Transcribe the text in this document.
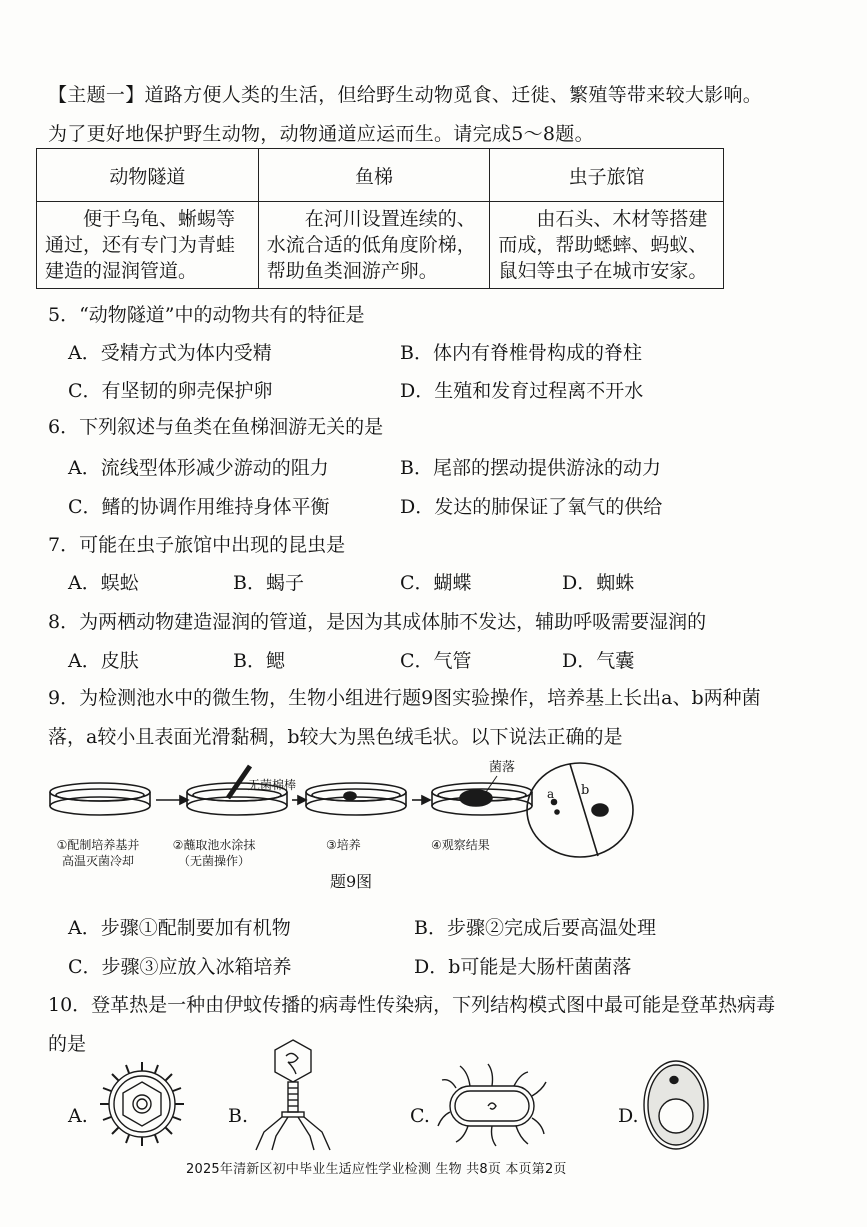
【主题一】道路方便人类的生活，但给野生动物觅食、迁徙、繁殖等带来较大影响。
为了更好地保护野生动物，动物通道应运而生。请完成5～8题。
动物隧道	鱼梯	虫子旅馆
便于乌龟、蜥蜴等通过，还有专门为青蛙建造的湿润管道。	在河川设置连续的、水流合适的低角度阶梯，帮助鱼类洄游产卵。	由石头、木材等搭建而成，帮助蟋蟀、蚂蚁、鼠妇等虫子在城市安家。
5．“动物隧道”中的动物共有的特征是
A．受精方式为体内受精	B．体内有脊椎骨构成的脊柱
C．有坚韧的卵壳保护卵	D．生殖和发育过程离不开水
6．下列叙述与鱼类在鱼梯洄游无关的是
A．流线型体形减少游动的阻力	B．尾部的摆动提供游泳的动力
C．鳍的协调作用维持身体平衡	D．发达的肺保证了氧气的供给
7．可能在虫子旅馆中出现的昆虫是
A．蜈蚣	B．蝎子	C．蝴蝶	D．蜘蛛
8．为两栖动物建造湿润的管道，是因为其成体肺不发达，辅助呼吸需要湿润的
A．皮肤	B．鳃	C．气管	D．气囊
9．为检测池水中的微生物，生物小组进行题9图实验操作，培养基上长出a、b两种菌
落，a较小且表面光滑黏稠，b较大为黑色绒毛状。以下说法正确的是
无菌棉棒
菌落
a b
①配制培养基并
高温灭菌冷却
②蘸取池水涂抹
（无菌操作）
③培养	④观察结果
题9图
A．步骤①配制要加有机物	B．步骤②完成后要高温处理
C．步骤③应放入冰箱培养	D．b可能是大肠杆菌菌落
10．登革热是一种由伊蚊传播的病毒性传染病，下列结构模式图中最可能是登革热病毒
的是
A.	B.	C.	D.
2025年清新区初中毕业生适应性学业检测 生物 共8页 本页第2页
